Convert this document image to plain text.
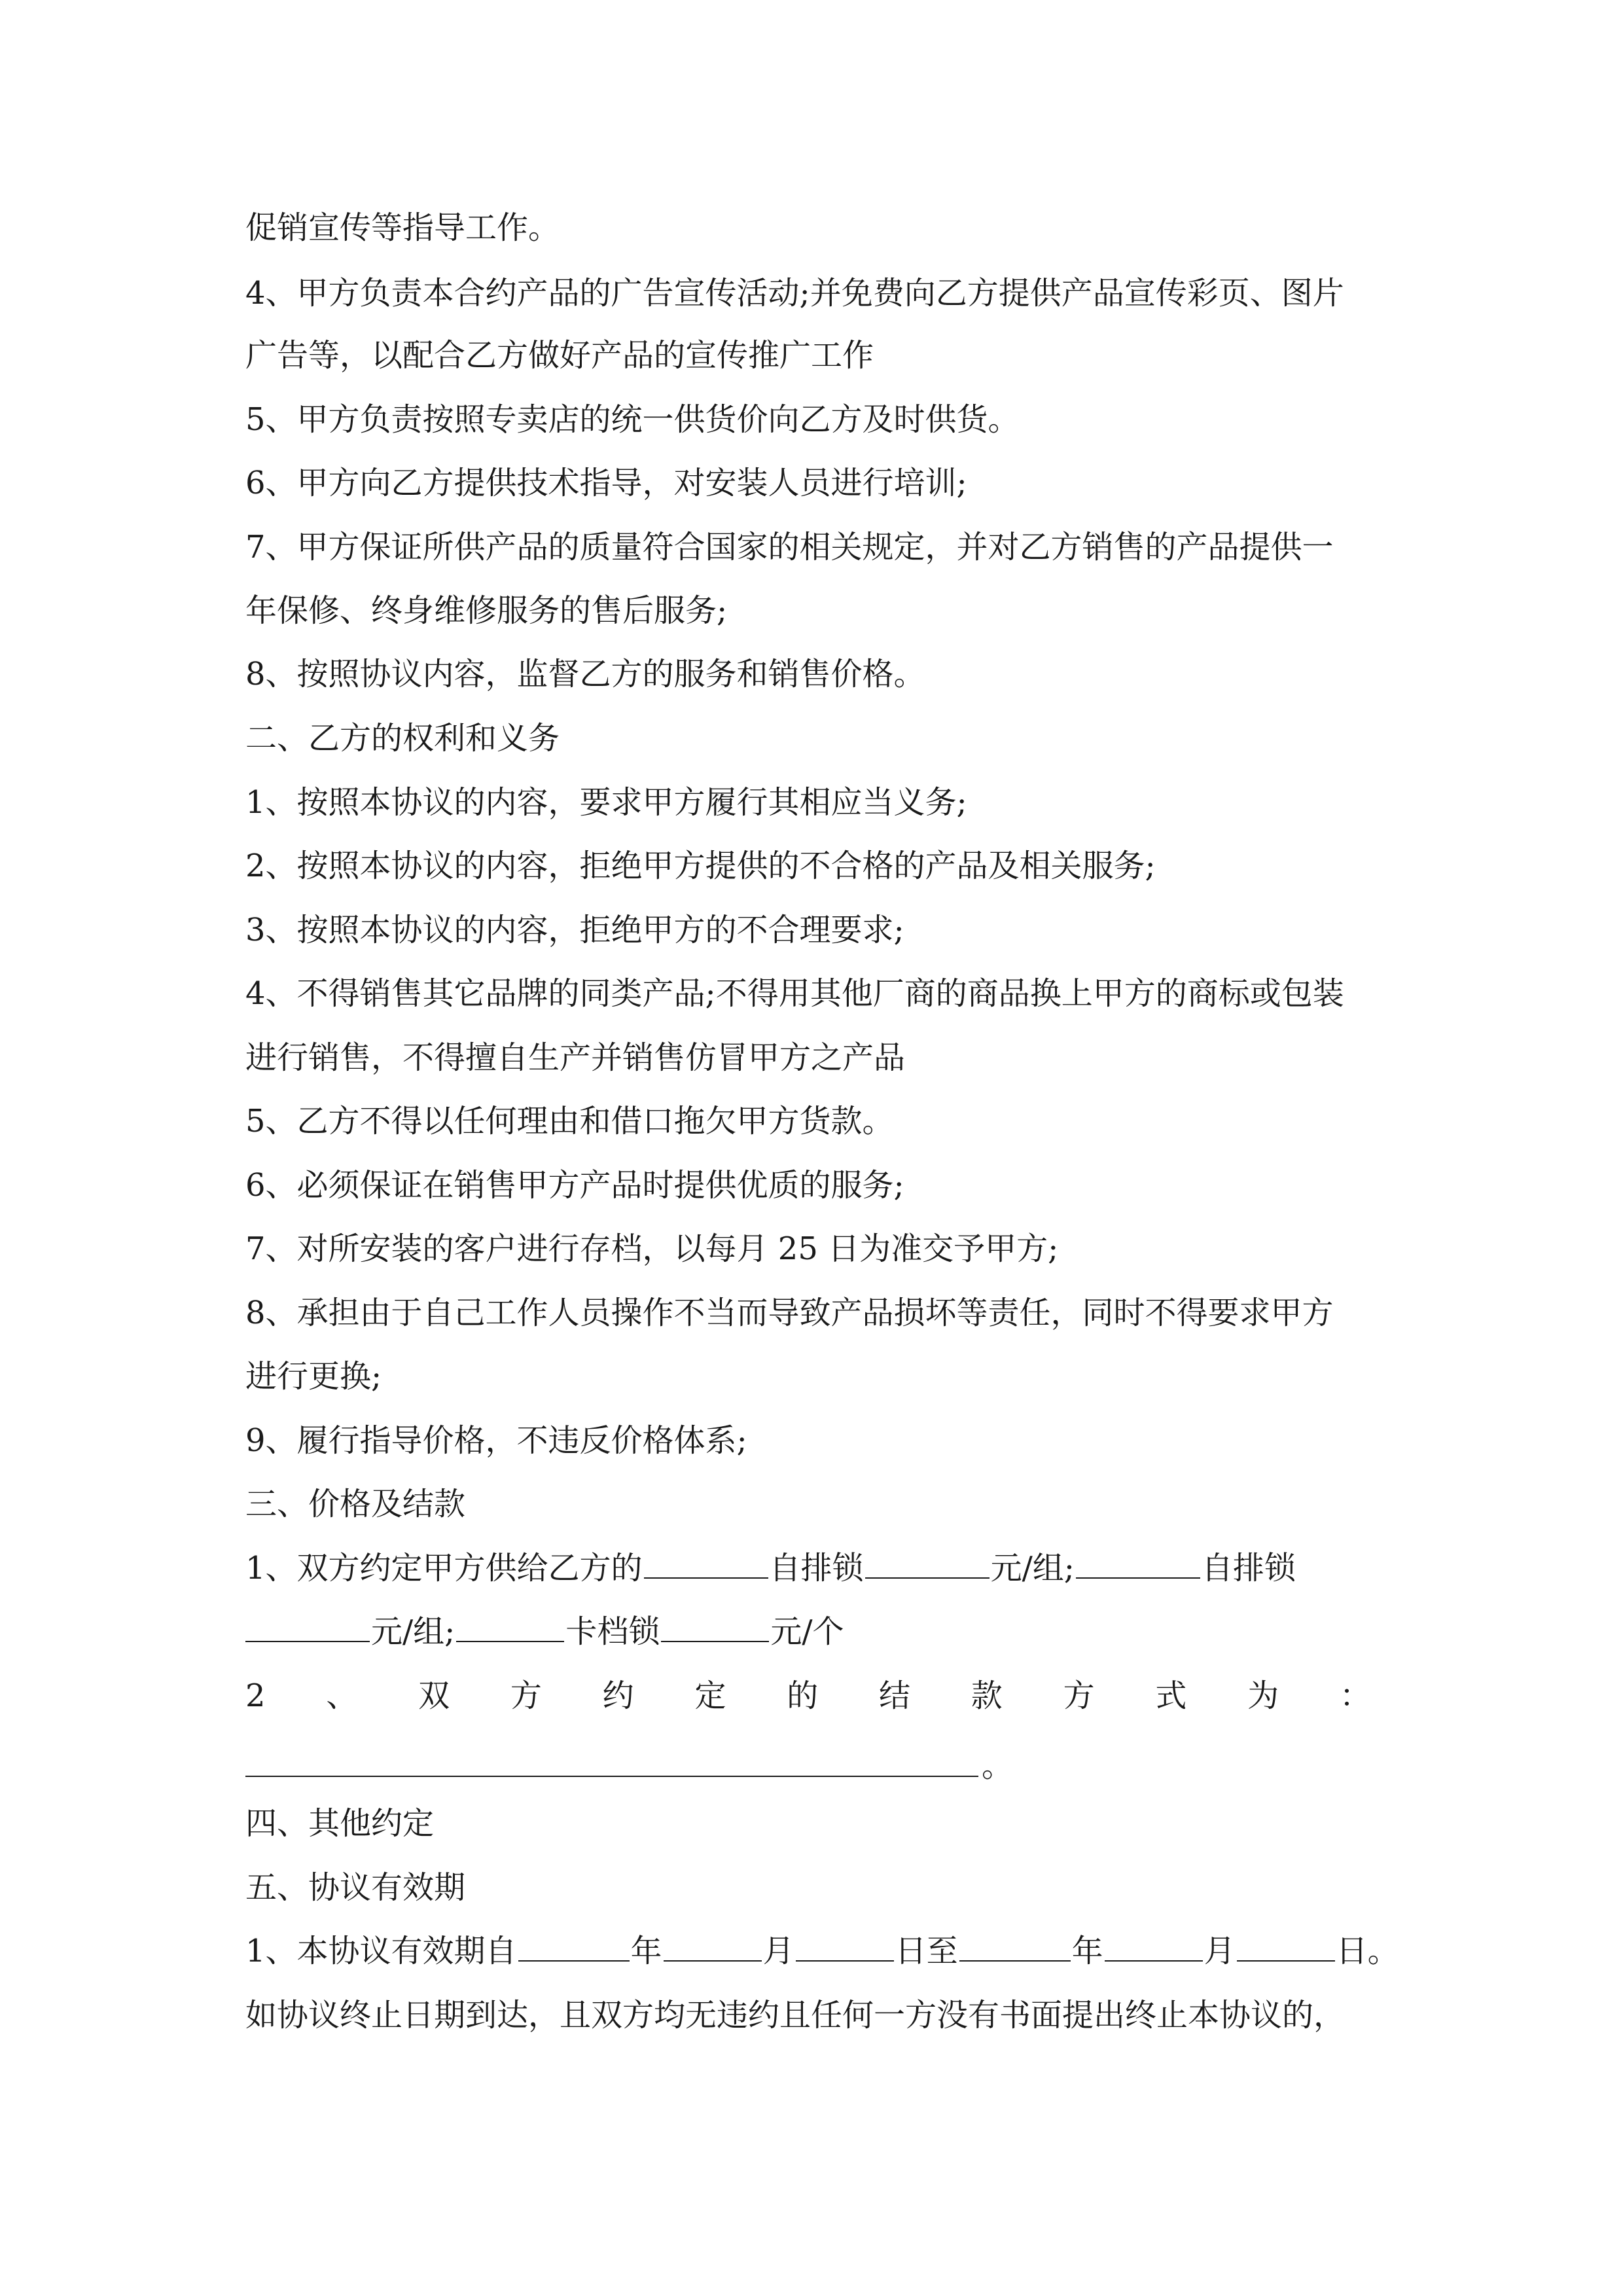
促销宣传等指导工作。
4、甲方负责本合约产品的广告宣传活动;并免费向乙方提供产品宣传彩页、图片
广告等，以配合乙方做好产品的宣传推广工作
5、甲方负责按照专卖店的统一供货价向乙方及时供货。
6、甲方向乙方提供技术指导，对安装人员进行培训;
7、甲方保证所供产品的质量符合国家的相关规定，并对乙方销售的产品提供一
年保修、终身维修服务的售后服务;
8、按照协议内容，监督乙方的服务和销售价格。
二、乙方的权利和义务
1、按照本协议的内容，要求甲方履行其相应当义务;
2、按照本协议的内容，拒绝甲方提供的不合格的产品及相关服务;
3、按照本协议的内容，拒绝甲方的不合理要求;
4、不得销售其它品牌的同类产品;不得用其他厂商的商品换上甲方的商标或包装
进行销售，不得擅自生产并销售仿冒甲方之产品
5、乙方不得以任何理由和借口拖欠甲方货款。
6、必须保证在销售甲方产品时提供优质的服务;
7、对所安装的客户进行存档，以每月 25 日为准交予甲方;
8、承担由于自己工作人员操作不当而导致产品损坏等责任，同时不得要求甲方
进行更换;
9、履行指导价格，不违反价格体系;
三、价格及结款
1、双方约定甲方供给乙方的	自排锁	元/组;	自排锁
元/组;	卡档锁	元/个
2 、 双 方 约 定 的 结 款 方 式 为 ：
。
四、其他约定
五、协议有效期
1、本协议有效期自	年	月	日至	年	月	日。
如协议终止日期到达，且双方均无违约且任何一方没有书面提出终止本协议的，
